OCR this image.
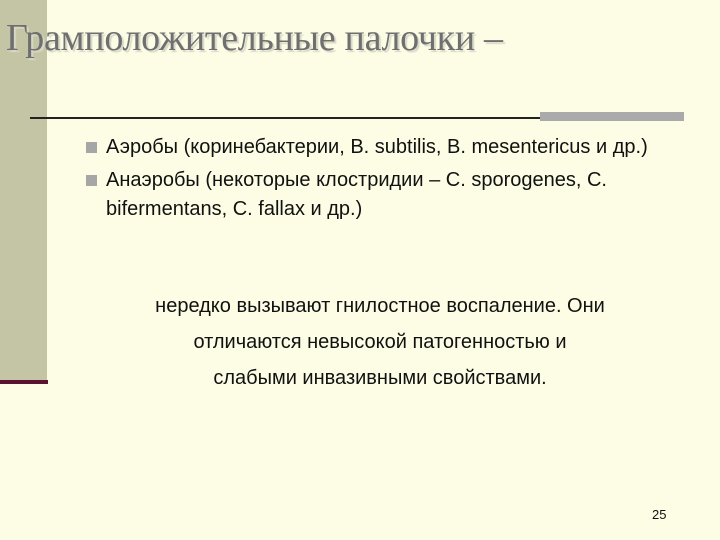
Грамположительные палочки –
Аэробы (коринебактерии, B. subtilis, B. mesentericus и др.)
Анаэробы (некоторые клостридии – C. sporogenes, C. bifermentans, C. fallax и др.)

нередко вызывают гнилостное воспаление. Они
отличаются невысокой патогенностью и
слабыми инвазивными свойствами.

25
